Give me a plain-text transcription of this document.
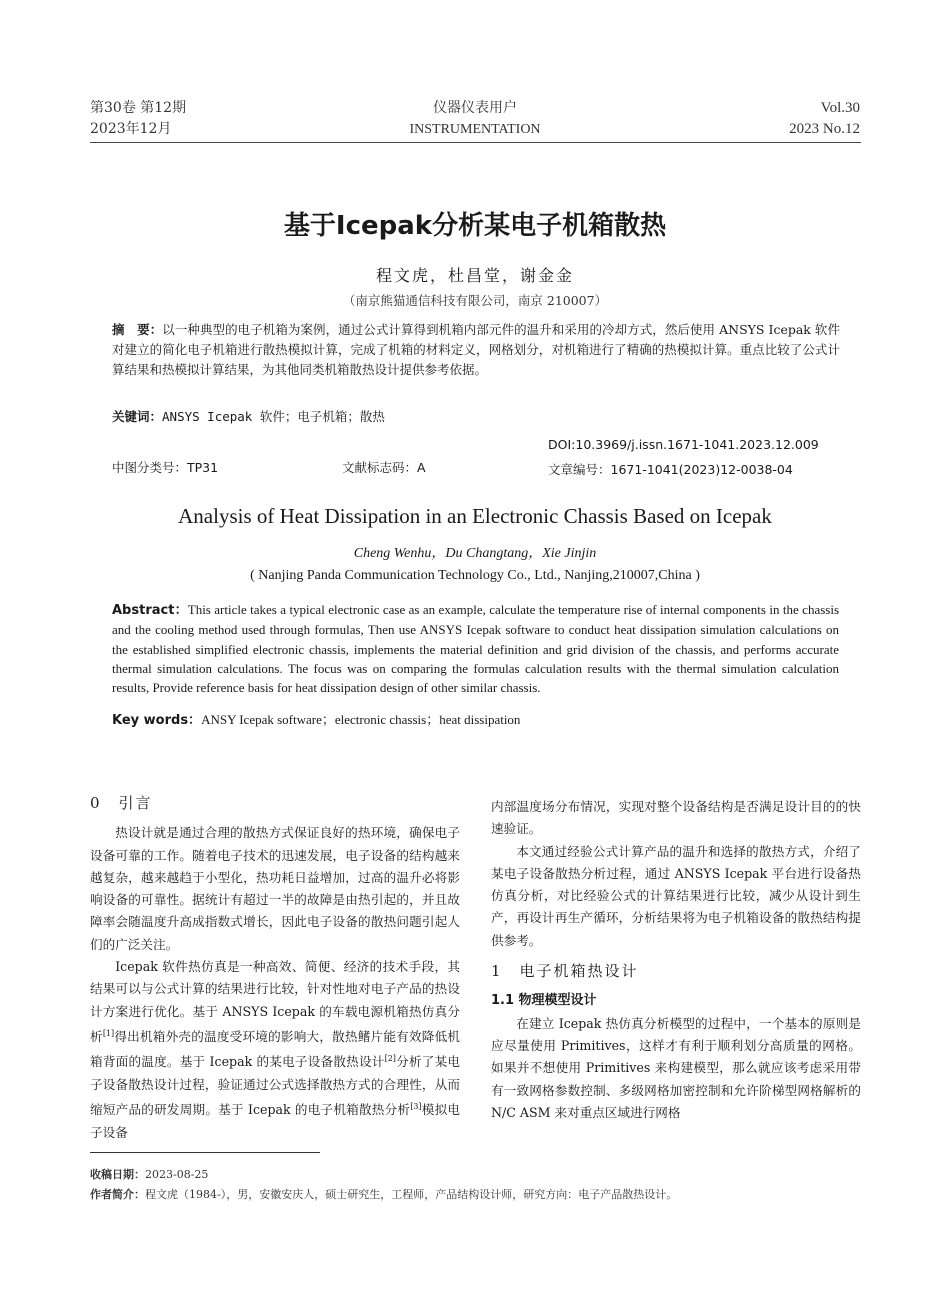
第30卷 第12期
2023年12月
仪器仪表用户
INSTRUMENTATION
Vol.30
2023 No.12
基于Icepak分析某电子机箱散热
程文虎，杜昌堂，谢金金
（南京熊猫通信科技有限公司，南京 210007）
摘　要：以一种典型的电子机箱为案例，通过公式计算得到机箱内部元件的温升和采用的冷却方式，然后使用 ANSYS Icepak 软件对建立的简化电子机箱进行散热模拟计算，完成了机箱的材料定义，网格划分，对机箱进行了精确的热模拟计算。重点比较了公式计算结果和热模拟计算结果，为其他同类机箱散热设计提供参考依据。
关键词：ANSYS Icepak 软件；电子机箱；散热
中图分类号：TP31	文献标志码：A
DOI:10.3969/j.issn.1671-1041.2023.12.009
文章编号：1671-1041(2023)12-0038-04
Analysis of Heat Dissipation in an Electronic Chassis Based on Icepak
Cheng Wenhu，Du Changtang，Xie Jinjin
( Nanjing Panda Communication Technology Co., Ltd., Nanjing,210007,China )
Abstract：This article takes a typical electronic case as an example, calculate the temperature rise of internal components in the chassis and the cooling method used through formulas, Then use ANSYS Icepak software to conduct heat dissipation simulation calculations on the established simplified electronic chassis, implements the material definition and grid division of the chassis, and performs accurate thermal simulation calculations. The focus was on comparing the formulas calculation results with the thermal simulation calculation results, Provide reference basis for heat dissipation design of other similar chassis.
Key words：ANSY Icepak software；electronic chassis；heat dissipation
0　引言

热设计就是通过合理的散热方式保证良好的热环境，确保电子设备可靠的工作。随着电子技术的迅速发展，电子设备的结构越来越复杂，越来越趋于小型化，热功耗日益增加，过高的温升必将影响设备的可靠性。据统计有超过一半的故障是由热引起的，并且故障率会随温度升高成指数式增长，因此电子设备的散热问题引起人们的广泛关注。

Icepak 软件热仿真是一种高效、简便、经济的技术手段，其结果可以与公式计算的结果进行比较，针对性地对电子产品的热设计方案进行优化。基于 ANSYS Icepak 的车载电源机箱热仿真分析[1]得出机箱外壳的温度受环境的影响大，散热鳍片能有效降低机箱背面的温度。基于 Icepak 的某电子设备散热设计[2]分析了某电子设备散热设计过程，验证通过公式选择散热方式的合理性，从而缩短产品的研发周期。基于 Icepak 的电子机箱散热分析[3]模拟电子设备

内部温度场分布情况，实现对整个设备结构是否满足设计目的的快速验证。

本文通过经验公式计算产品的温升和选择的散热方式，介绍了某电子设备散热分析过程，通过 ANSYS Icepak 平台进行设备热仿真分析，对比经验公式的计算结果进行比较，减少从设计到生产，再设计再生产循环，分析结果将为电子机箱设备的散热结构提供参考。

1　电子机箱热设计
1.1 物理模型设计

在建立 Icepak 热仿真分析模型的过程中，一个基本的原则是应尽量使用 Primitives，这样才有利于顺利划分高质量的网格。如果并不想使用 Primitives 来构建模型，那么就应该考虑采用带有一致网格参数控制、多级网格加密控制和允许阶梯型网格解析的 N/C ASM 来对重点区域进行网格

收稿日期：2023-08-25
作者简介：程文虎（1984-），男，安徽安庆人，硕士研究生，工程师，产品结构设计师，研究方向：电子产品散热设计。
